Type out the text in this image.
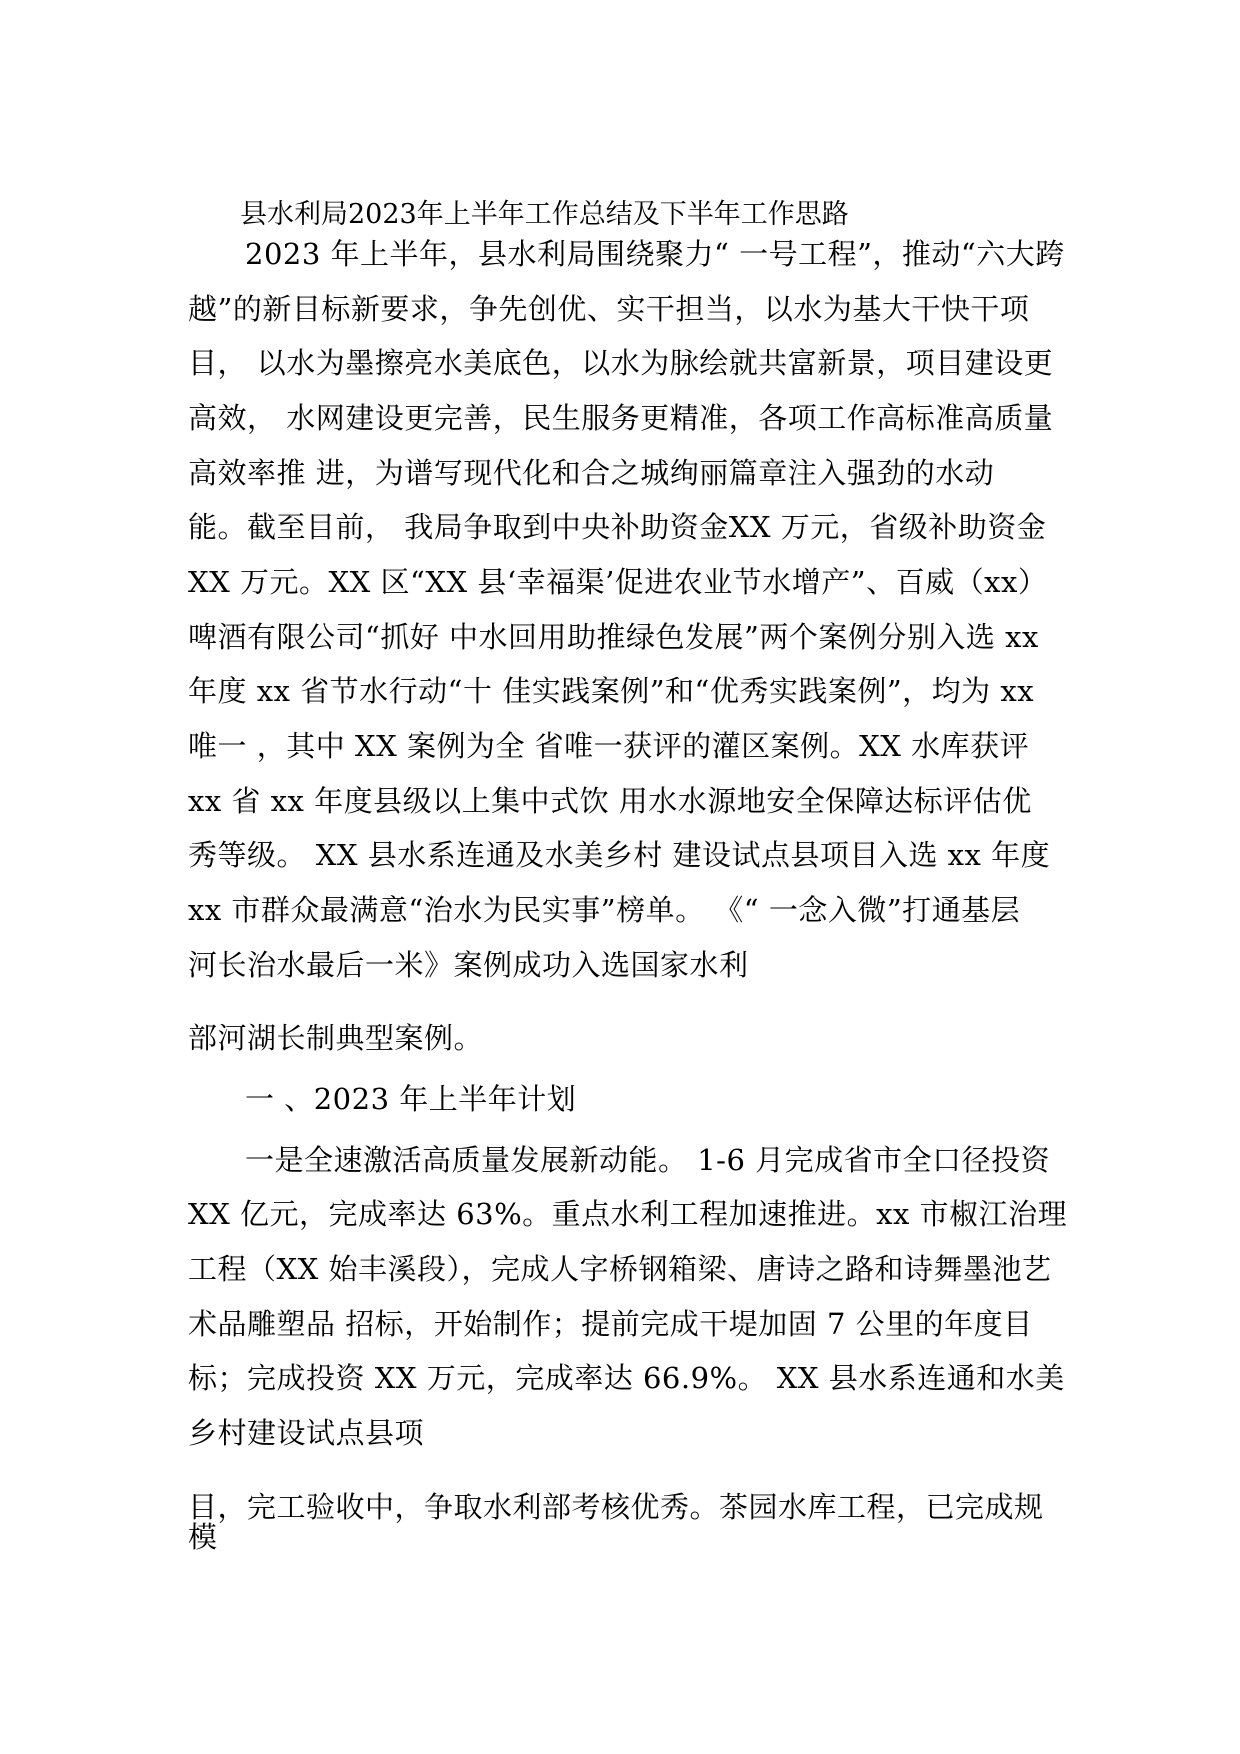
县水利局2023年上半年工作总结及下半年工作思路
2023 年上半年，县水利局围绕聚力“ 一号工程”，推动“六大跨
越”的新目标新要求，争先创优、实干担当，以水为基大干快干项
目， 以水为墨擦亮水美底色，以水为脉绘就共富新景，项目建设更
高效， 水网建设更完善，民生服务更精准，各项工作高标准高质量
高效率推 进，为谱写现代化和合之城绚丽篇章注入强劲的水动
能。截至目前， 我局争取到中央补助资金XX 万元，省级补助资金
XX 万元。XX 区“XX 县‘幸福渠’促进农业节水增产”、百威（xx）
啤酒有限公司“抓好 中水回用助推绿色发展”两个案例分别入选 xx
年度 xx 省节水行动“十 佳实践案例”和“优秀实践案例”，均为 xx
唯一 ，其中 XX 案例为全 省唯一获评的灌区案例。XX 水库获评
xx 省 xx 年度县级以上集中式饮 用水水源地安全保障达标评估优
秀等级。 XX 县水系连通及水美乡村 建设试点县项目入选 xx 年度
xx 市群众最满意“治水为民实事”榜单。 《“ 一念入微”打通基层
河长治水最后一米》案例成功入选国家水利
部河湖长制典型案例。
一 、2023 年上半年计划
一是全速激活高质量发展新动能。 1-6 月完成省市全口径投资
XX 亿元，完成率达 63%。重点水利工程加速推进。xx 市椒江治理
工程（XX 始丰溪段），完成人字桥钢箱梁、唐诗之路和诗舞墨池艺
术品雕塑品 招标，开始制作；提前完成干堤加固 7 公里的年度目
标；完成投资 XX 万元，完成率达 66.9%。 XX 县水系连通和水美
乡村建设试点县项
目，完工验收中，争取水利部考核优秀。茶园水库工程，已完成规
模
